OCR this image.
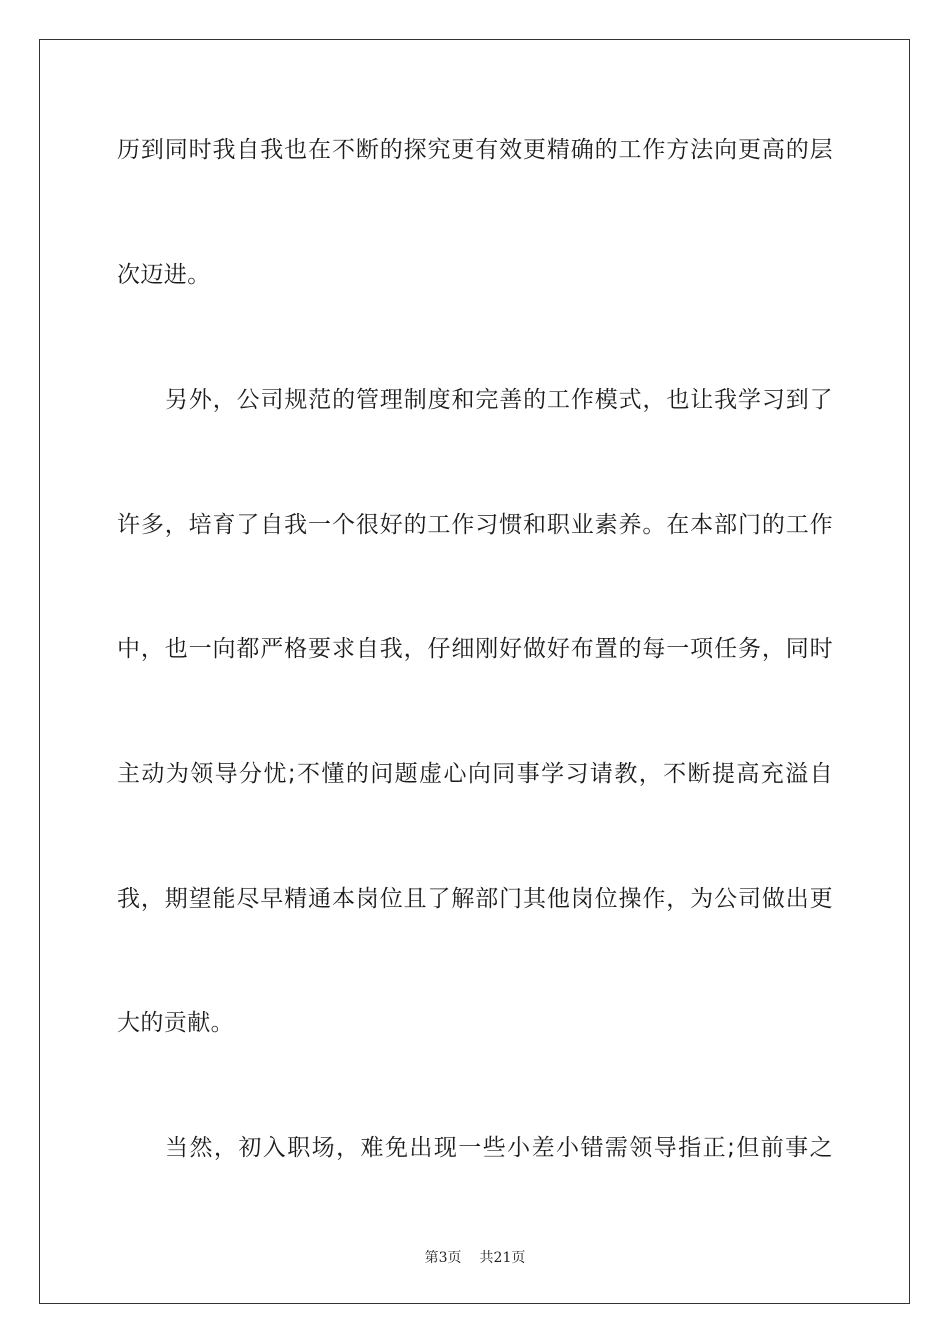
历到同时我自我也在不断的探究更有效更精确的工作方法向更高的层
次迈进。
另外，公司规范的管理制度和完善的工作模式，也让我学习到了
许多，培育了自我一个很好的工作习惯和职业素养。在本部门的工作
中，也一向都严格要求自我，仔细刚好做好布置的每一项任务，同时
主动为领导分忧;不懂的问题虚心向同事学习请教，不断提高充溢自
我，期望能尽早精通本岗位且了解部门其他岗位操作，为公司做出更
大的贡献。
当然，初入职场，难免出现一些小差小错需领导指正;但前事之
第3页 共21页
